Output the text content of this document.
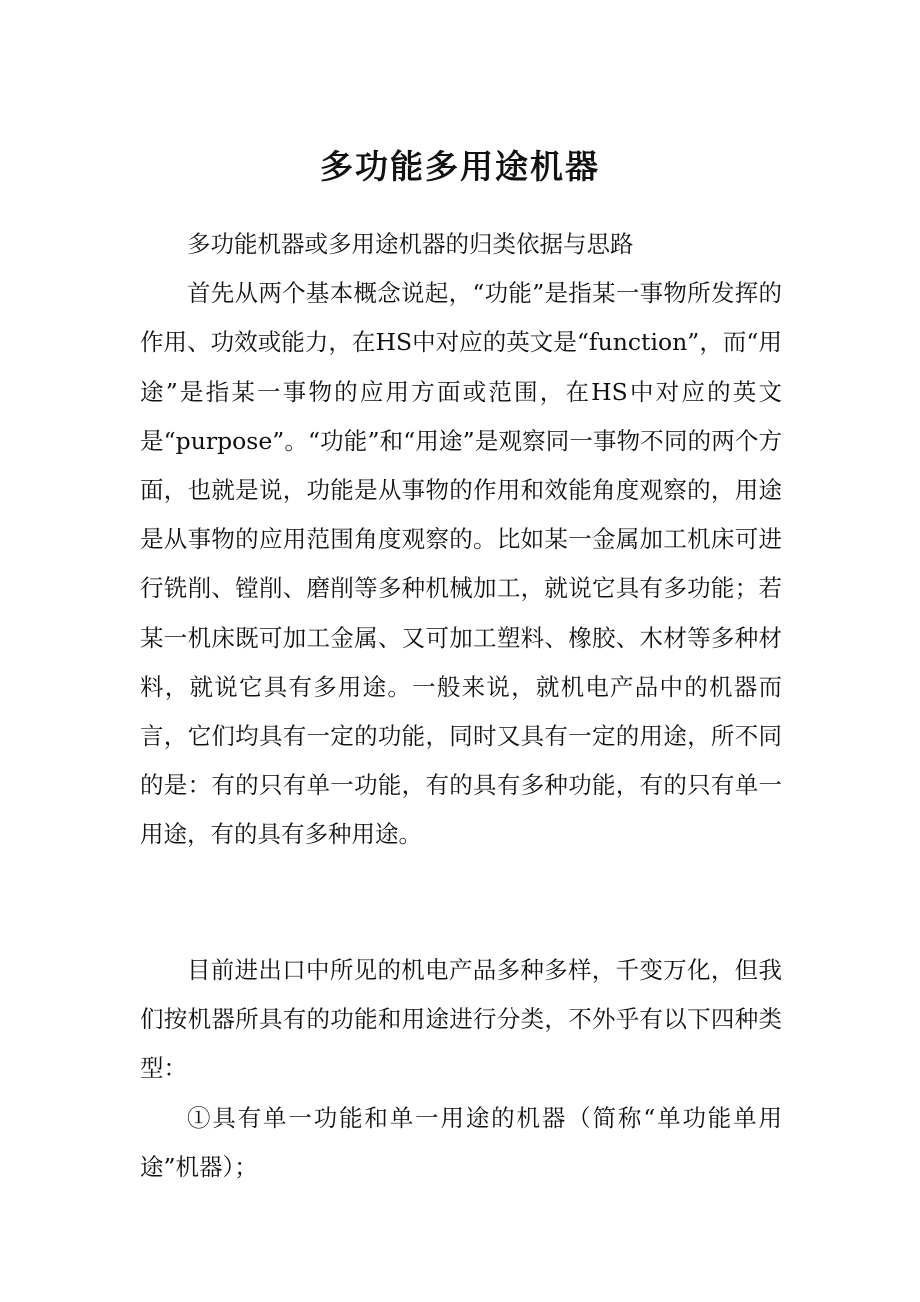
多功能多用途机器

多功能机器或多用途机器的归类依据与思路

首先从两个基本概念说起，“功能”是指某一事物所发挥的作用、功效或能力，在HS中对应的英文是“function”，而“用途”是指某一事物的应用方面或范围，在HS中对应的英文是“purpose”。“功能”和“用途”是观察同一事物不同的两个方面，也就是说，功能是从事物的作用和效能角度观察的，用途是从事物的应用范围角度观察的。比如某一金属加工机床可进行铣削、镗削、磨削等多种机械加工，就说它具有多功能；若某一机床既可加工金属、又可加工塑料、橡胶、木材等多种材料，就说它具有多用途。一般来说，就机电产品中的机器而言，它们均具有一定的功能，同时又具有一定的用途，所不同的是：有的只有单一功能，有的具有多种功能，有的只有单一用途，有的具有多种用途。

目前进出口中所见的机电产品多种多样，千变万化，但我们按机器所具有的功能和用途进行分类，不外乎有以下四种类型：

①具有单一功能和单一用途的机器（简称“单功能单用途”机器）；
